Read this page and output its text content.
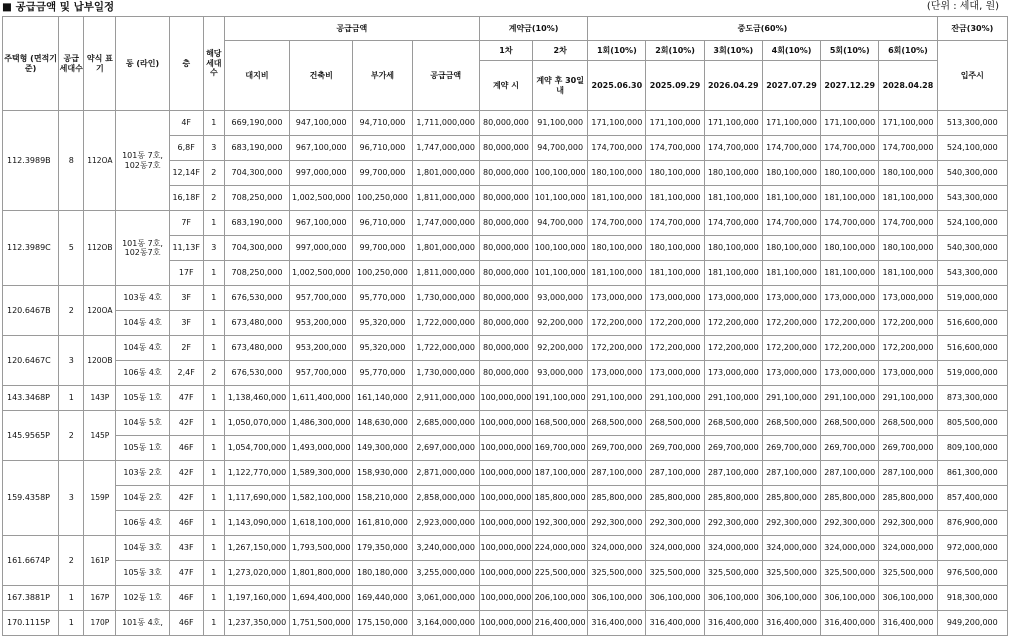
■ 공급금액 및 납부일정	(단위 : 세대, 원)
주택형 (면적기준)	공급 세대수	약식 표기	동 (라인)	층	해당 세대 수	공급금액				계약금(10%)		중도금(60%)						잔금(30%)
						대지비	건축비	부가세	공급금액	1차	2차	1회(10%)	2회(10%)	3회(10%)	4회(10%)	5회(10%)	6회(10%)	입주시
										계약 시	계약 후 30일 내	2025.06.30	2025.09.29	2026.04.29	2027.07.29	2027.12.29	2028.04.28	
112.3989B	8	112OA	101동 7호, 102동7호	4F	1	669,190,000	947,100,000	94,710,000	1,711,000,000	80,000,000	91,100,000	171,100,000	171,100,000	171,100,000	171,100,000	171,100,000	171,100,000	513,300,000
				6,8F	3	683,190,000	967,100,000	96,710,000	1,747,000,000	80,000,000	94,700,000	174,700,000	174,700,000	174,700,000	174,700,000	174,700,000	174,700,000	524,100,000
				12,14F	2	704,300,000	997,000,000	99,700,000	1,801,000,000	80,000,000	100,100,000	180,100,000	180,100,000	180,100,000	180,100,000	180,100,000	180,100,000	540,300,000
				16,18F	2	708,250,000	1,002,500,000	100,250,000	1,811,000,000	80,000,000	101,100,000	181,100,000	181,100,000	181,100,000	181,100,000	181,100,000	181,100,000	543,300,000
112.3989C	5	112OB	101동 7호, 102동7호	7F	1	683,190,000	967,100,000	96,710,000	1,747,000,000	80,000,000	94,700,000	174,700,000	174,700,000	174,700,000	174,700,000	174,700,000	174,700,000	524,100,000
				11,13F	3	704,300,000	997,000,000	99,700,000	1,801,000,000	80,000,000	100,100,000	180,100,000	180,100,000	180,100,000	180,100,000	180,100,000	180,100,000	540,300,000
				17F	1	708,250,000	1,002,500,000	100,250,000	1,811,000,000	80,000,000	101,100,000	181,100,000	181,100,000	181,100,000	181,100,000	181,100,000	181,100,000	543,300,000
120.6467B	2	120OA	103동 4호	3F	1	676,530,000	957,700,000	95,770,000	1,730,000,000	80,000,000	93,000,000	173,000,000	173,000,000	173,000,000	173,000,000	173,000,000	173,000,000	519,000,000
			104동 4호	3F	1	673,480,000	953,200,000	95,320,000	1,722,000,000	80,000,000	92,200,000	172,200,000	172,200,000	172,200,000	172,200,000	172,200,000	172,200,000	516,600,000
120.6467C	3	120OB	104동 4호	2F	1	673,480,000	953,200,000	95,320,000	1,722,000,000	80,000,000	92,200,000	172,200,000	172,200,000	172,200,000	172,200,000	172,200,000	172,200,000	516,600,000
			106동 4호	2,4F	2	676,530,000	957,700,000	95,770,000	1,730,000,000	80,000,000	93,000,000	173,000,000	173,000,000	173,000,000	173,000,000	173,000,000	173,000,000	519,000,000
143.3468P	1	143P	105동 1호	47F	1	1,138,460,000	1,611,400,000	161,140,000	2,911,000,000	100,000,000	191,100,000	291,100,000	291,100,000	291,100,000	291,100,000	291,100,000	291,100,000	873,300,000
145.9565P	2	145P	104동 5호	42F	1	1,050,070,000	1,486,300,000	148,630,000	2,685,000,000	100,000,000	168,500,000	268,500,000	268,500,000	268,500,000	268,500,000	268,500,000	268,500,000	805,500,000
			105동 1호	46F	1	1,054,700,000	1,493,000,000	149,300,000	2,697,000,000	100,000,000	169,700,000	269,700,000	269,700,000	269,700,000	269,700,000	269,700,000	269,700,000	809,100,000
159.4358P	3	159P	103동 2호	42F	1	1,122,770,000	1,589,300,000	158,930,000	2,871,000,000	100,000,000	187,100,000	287,100,000	287,100,000	287,100,000	287,100,000	287,100,000	287,100,000	861,300,000
			104동 2호	42F	1	1,117,690,000	1,582,100,000	158,210,000	2,858,000,000	100,000,000	185,800,000	285,800,000	285,800,000	285,800,000	285,800,000	285,800,000	285,800,000	857,400,000
			106동 4호	46F	1	1,143,090,000	1,618,100,000	161,810,000	2,923,000,000	100,000,000	192,300,000	292,300,000	292,300,000	292,300,000	292,300,000	292,300,000	292,300,000	876,900,000
161.6674P	2	161P	104동 3호	43F	1	1,267,150,000	1,793,500,000	179,350,000	3,240,000,000	100,000,000	224,000,000	324,000,000	324,000,000	324,000,000	324,000,000	324,000,000	324,000,000	972,000,000
			105동 3호	47F	1	1,273,020,000	1,801,800,000	180,180,000	3,255,000,000	100,000,000	225,500,000	325,500,000	325,500,000	325,500,000	325,500,000	325,500,000	325,500,000	976,500,000
167.3881P	1	167P	102동 1호	46F	1	1,197,160,000	1,694,400,000	169,440,000	3,061,000,000	100,000,000	206,100,000	306,100,000	306,100,000	306,100,000	306,100,000	306,100,000	306,100,000	918,300,000
170.1115P	1	170P	101동 4호,	46F	1	1,237,350,000	1,751,500,000	175,150,000	3,164,000,000	100,000,000	216,400,000	316,400,000	316,400,000	316,400,000	316,400,000	316,400,000	316,400,000	949,200,000
